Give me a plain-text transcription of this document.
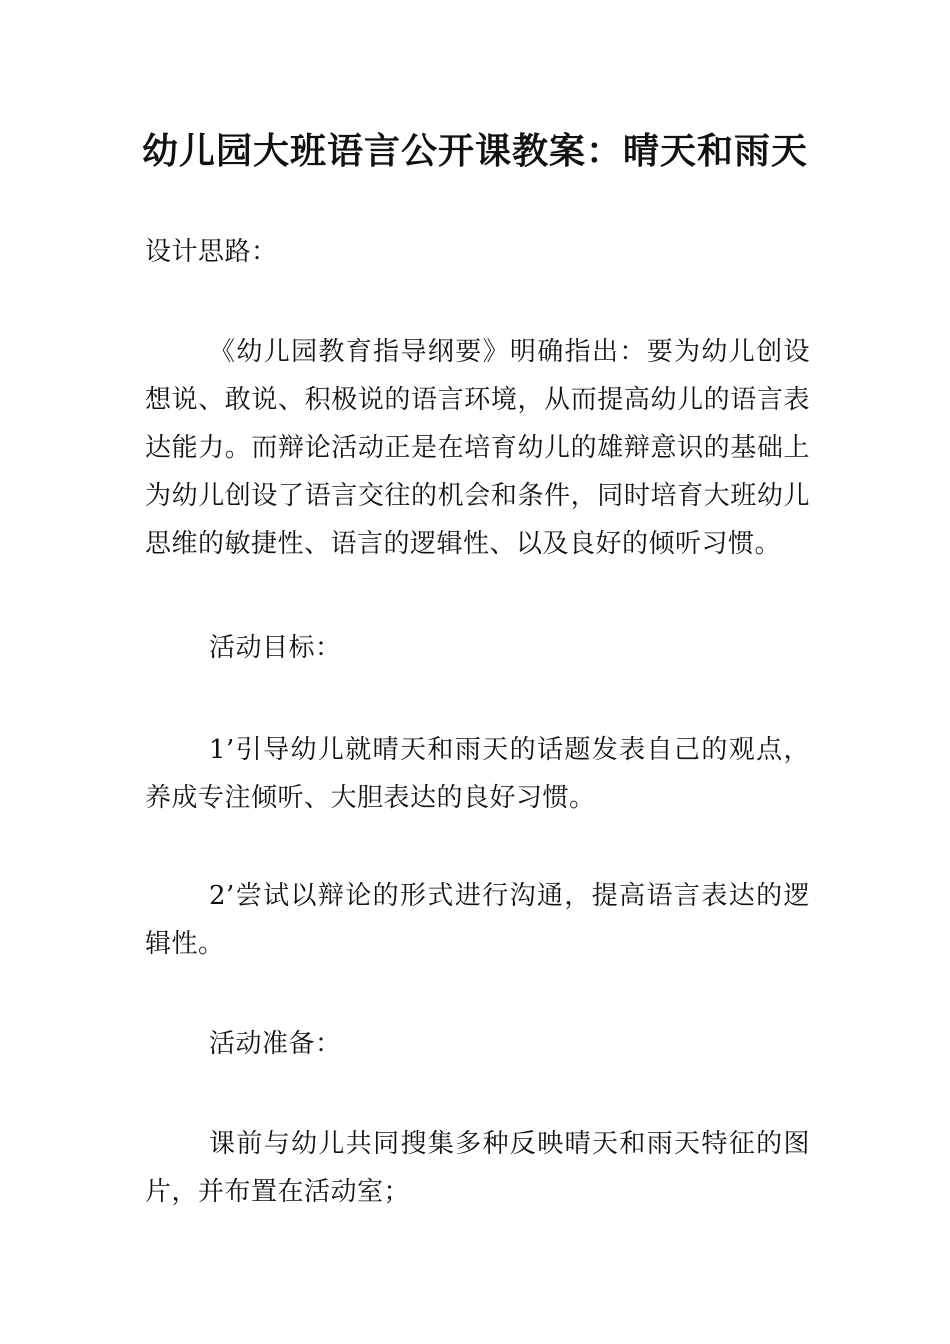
幼儿园大班语言公开课教案：晴天和雨天

设计思路：

《幼儿园教育指导纲要》明确指出：要为幼儿创设想说、敢说、积极说的语言环境，从而提高幼儿的语言表达能力。而辩论活动正是在培育幼儿的雄辩意识的基础上为幼儿创设了语言交往的机会和条件，同时培育大班幼儿思维的敏捷性、语言的逻辑性、以及良好的倾听习惯。

活动目标：

1’引导幼儿就晴天和雨天的话题发表自己的观点，养成专注倾听、大胆表达的良好习惯。

2’尝试以辩论的形式进行沟通，提高语言表达的逻辑性。

活动准备：

课前与幼儿共同搜集多种反映晴天和雨天特征的图片，并布置在活动室；
